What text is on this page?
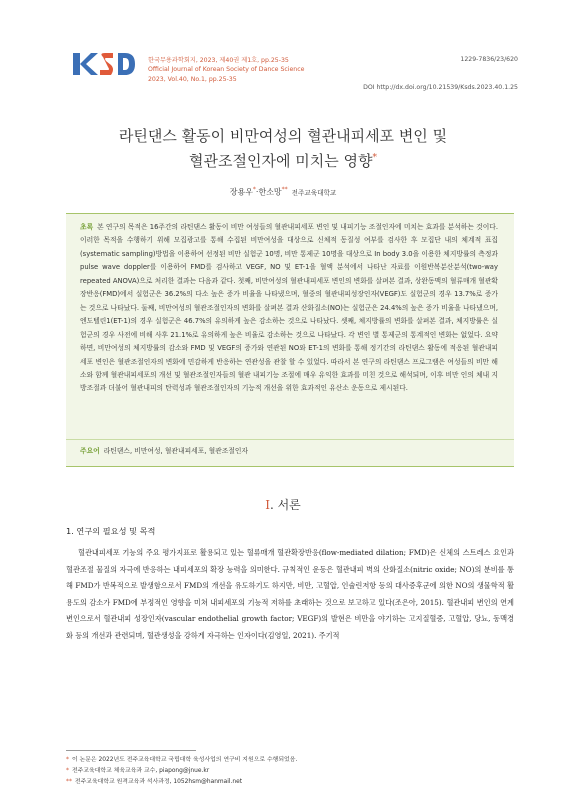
한국무용과학회지, 2023, 제40권 제1호, pp.25-35
Official Journal of Korean Society of Dance Science
2023, Vol.40, No.1, pp.25-35
1229-7836/23/620
DOI http://dx.doi.org/10.21539/Ksds.2023.40.1.25
라틴댄스 활동이 비만여성의 혈관내피세포 변인 및
혈관조절인자에 미치는 영향*
장용우*·한소망** 전주교육대학교
초록 본 연구의 목적은 16주간의 라틴댄스 활동이 비만 여성들의 혈관내피세포 변인 및 내피기능 조절인자에 미치는 효과를 분석하는 것이다. 이러한 목적을 수행하기 위해 모집광고를 통해 수집된 비만여성을 대상으로 신체적 동질성 여부를 검사한 후 모집단 내의 체계적 표집(systematic sampling)방법을 이용하여 선정된 비만 실험군 10명, 비만 통제군 10명을 대상으로 In body 3.0을 이용한 체지방률의 측정과 pulse wave doppler를 이용하여 FMD를 검사하고 VEGF, NO 및 ET-1을 혈액 분석에서 나타난 자료를 이원반복분산분석(two-way repeated ANOVA)으로 처리한 결과는 다음과 같다. 첫째, 비만여성의 혈관내피세포 변인의 변화를 살펴본 결과, 상완동맥의 혈류매개 혈관확장반응(FMD)에서 실험군은 36.2%의 다소 높은 증가 비율을 나타냈으며, 혈중의 혈관내피성장인자(VEGF)도 실험군의 경우 13.7%로 증가는 것으로 나타났다. 둘째, 비만여성의 혈관조절인자의 변화를 살펴본 결과 산화질소(NO)는 실험군은 24.4%의 높은 증가 비율을 나타냈으며, 엔도텔린1(ET-1)의 경우 실험군은 46.7%의 유의하게 높은 감소하는 것으로 나타났다. 셋째, 체지방률의 변화를 살펴본 결과, 체지방률은 실험군의 경우 사전에 비해 사후 21.1%로 유의하게 높은 비율로 감소하는 것으로 나타났다. 각 변인 별 통제군의 통계적인 변화는 없었다. 요약하면, 비만여성의 체지방률의 감소와 FMD 및 VEGF의 증가와 연관된 NO와 ET-1의 변화를 통해 정기간의 라틴댄스 활동에 적응된 혈관내피세포 변인은 혈관조절인자의 변화에 민감하게 반응하는 연관성을 관찰 할 수 있었다. 따라서 본 연구의 라틴댄스 프로그램은 여성들의 비만 해소와 함께 혈관내피세포의 개선 및 혈관조절인자들의 혈관 내피기능 조절에 매우 유익한 효과를 미친 것으로 해석되며, 이후 비만 인의 체내 지방조절과 더불어 혈관내피의 탄력성과 혈관조절인자의 기능적 개선을 위한 효과적인 유산소 운동으로 제시된다.
주요어 라틴댄스, 비만여성, 혈관내피세포, 혈관조절인자
I. 서론
1. 연구의 필요성 및 목적

혈관내피세포 기능의 주요 평가지표로 활용되고 있는 혈류매개 혈관확장반응(flow-mediated dilation; FMD)은 신체의 스트레스 요인과 혈관조절 물질의 자극에 반응하는 내피세포의 확장 능력을 의미한다. 규칙적인 운동은 혈관내피 벽의 산화질소(nitric oxide; NO)의 분비를 통해 FMD가 반복적으로 발생함으로서 FMD의 개선을 유도하기도 하지만, 비만, 고혈압, 인슐린저항 등의 대사증후군에 의한 NO의 생물학적 활용도의 감소가 FMD에 부정적인 영향을 미쳐 내피세포의 기능적 저하를 초래하는 것으로 보고하고 있다(조은아, 2015). 혈관내피 변인의 연계변인으로서 혈관내피 성장인자(vascular endothelial growth factor; VEGF)의 발현은 비만을 야기하는 고지질혈증, 고혈압, 당뇨, 동맥경화 등의 개선과 관련되며, 혈관생성을 강하게 자극하는 인자이다(김영일, 2021). 주기적

* 이 논문은 2022년도 전주교육대학교 국립대학 육성사업의 연구비 지원으로 수행되었음.
* 전주교육대학교 체육교육과 교수, piapong@jnue.kr
** 전주교육대학교 원격교육과 석사과정, 1052hsm@hanmail.net
